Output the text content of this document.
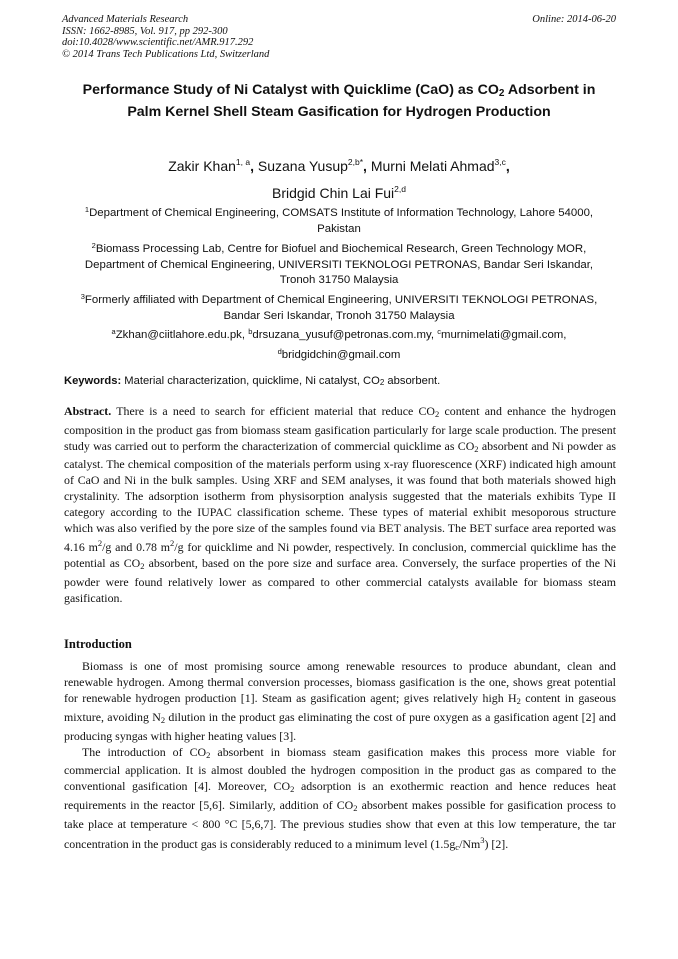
Advanced Materials Research
ISSN: 1662-8985, Vol. 917, pp 292-300
doi:10.4028/www.scientific.net/AMR.917.292
© 2014 Trans Tech Publications Ltd, Switzerland
Online: 2014-06-20
Performance Study of Ni Catalyst with Quicklime (CaO) as $CO_2$ Adsorbent in Palm Kernel Shell Steam Gasification for Hydrogen Production
Zakir Khan$^{1, a}$, Suzana Yusup$^{2,b*}$, Murni Melati Ahmad$^{3,c}$,
Bridgid Chin Lai Fui$^{2,d}$
$^1$Department of Chemical Engineering, COMSATS Institute of Information Technology, Lahore 54000, Pakistan
$^2$Biomass Processing Lab, Centre for Biofuel and Biochemical Research, Green Technology MOR, Department of Chemical Engineering, UNIVERSITI TEKNOLOGI PETRONAS, Bandar Seri Iskandar, Tronoh 31750 Malaysia
$^3$Formerly affiliated with Department of Chemical Engineering, UNIVERSITI TEKNOLOGI PETRONAS, Bandar Seri Iskandar, Tronoh 31750 Malaysia
$^a$Zkhan@ciitlahore.edu.pk, $^b$drsuzana_yusuf@petronas.com.my, $^c$murnimelati@gmail.com,
$^d$bridgidchin@gmail.com
Keywords: Material characterization, quicklime, Ni catalyst, $CO_2$ absorbent.
Abstract. There is a need to search for efficient material that reduce $CO_2$ content and enhance the hydrogen composition in the product gas from biomass steam gasification particularly for large scale production. The present study was carried out to perform the characterization of commercial quicklime as $CO_2$ absorbent and Ni powder as catalyst. The chemical composition of the materials perform using x-ray fluorescence (XRF) indicated high amount of CaO and Ni in the bulk samples. Using XRF and SEM analyses, it was found that both materials showed high crystalinity. The adsorption isotherm from physisorption analysis suggested that the materials exhibits Type II category according to the IUPAC classification scheme. These types of material exhibit mesoporous structure which was also verified by the pore size of the samples found via BET analysis. The BET surface area reported was 4.16 $m^2/g$ and 0.78 $m^2/g$ for quicklime and Ni powder, respectively. In conclusion, commercial quicklime has the potential as $CO_2$ absorbent, based on the pore size and surface area. Conversely, the surface properties of the Ni powder were found relatively lower as compared to other commercial catalysts available for biomass steam gasification.
Introduction

Biomass is one of most promising source among renewable resources to produce abundant, clean and renewable hydrogen. Among thermal conversion processes, biomass gasification is the one, shows great potential for renewable hydrogen production [1]. Steam as gasification agent; gives relatively high $H_2$ content in gaseous mixture, avoiding $N_2$ dilution in the product gas eliminating the cost of pure oxygen as a gasification agent [2] and producing syngas with higher heating values [3].

The introduction of $CO_2$ absorbent in biomass steam gasification makes this process more viable for commercial application. It is almost doubled the hydrogen composition in the product gas as compared to the conventional gasification [4]. Moreover, $CO_2$ adsorption is an exothermic reaction and hence reduces heat requirements in the reactor [5,6]. Similarly, addition of $CO_2$ absorbent makes possible for gasification process to take place at temperature < 800 °C [5,6,7]. The previous studies show that even at this low temperature, the tar concentration in the product gas is considerably reduced to a minimum level $(1.5g_c/Nm^3)$ [2].
